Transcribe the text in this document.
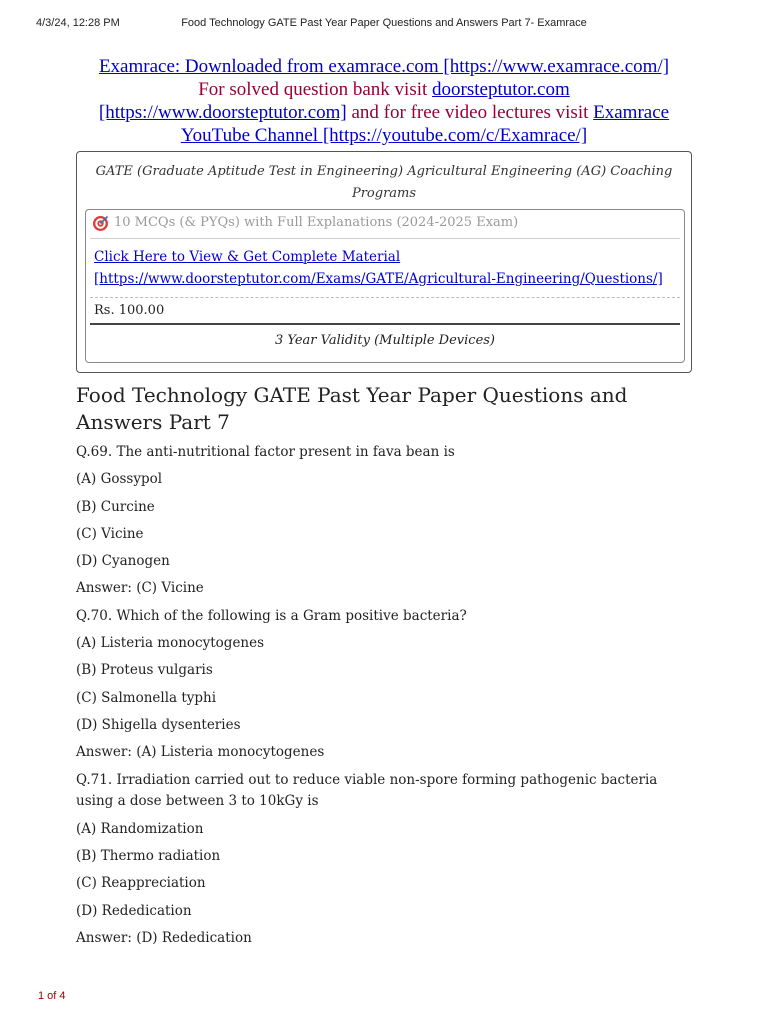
4/3/24, 12:28 PM	Food Technology GATE Past Year Paper Questions and Answers Part 7- Examrace
Examrace: Downloaded from examrace.com [https://www.examrace.com/]
For solved question bank visit doorsteptutor.com
[https://www.doorsteptutor.com] and for free video lectures visit Examrace
YouTube Channel [https://youtube.com/c/Examrace/]
GATE (Graduate Aptitude Test in Engineering) Agricultural Engineering (AG) Coaching Programs
10 MCQs (& PYQs) with Full Explanations (2024-2025 Exam)
Click Here to View & Get Complete Material [https://www.doorsteptutor.com/Exams/GATE/Agricultural-Engineering/Questions/]
Rs. 100.00
3 Year Validity (Multiple Devices)
Food Technology GATE Past Year Paper Questions and Answers Part 7

Q.69. The anti-nutritional factor present in fava bean is

(A) Gossypol

(B) Curcine

(C) Vicine

(D) Cyanogen

Answer: (C) Vicine

Q.70. Which of the following is a Gram positive bacteria?

(A) Listeria monocytogenes

(B) Proteus vulgaris

(C) Salmonella typhi

(D) Shigella dysenteries

Answer: (A) Listeria monocytogenes

Q.71. Irradiation carried out to reduce viable non-spore forming pathogenic bacteria using a dose between 3 to 10kGy is

(A) Randomization

(B) Thermo radiation

(C) Reappreciation

(D) Rededication

Answer: (D) Rededication

1 of 4
